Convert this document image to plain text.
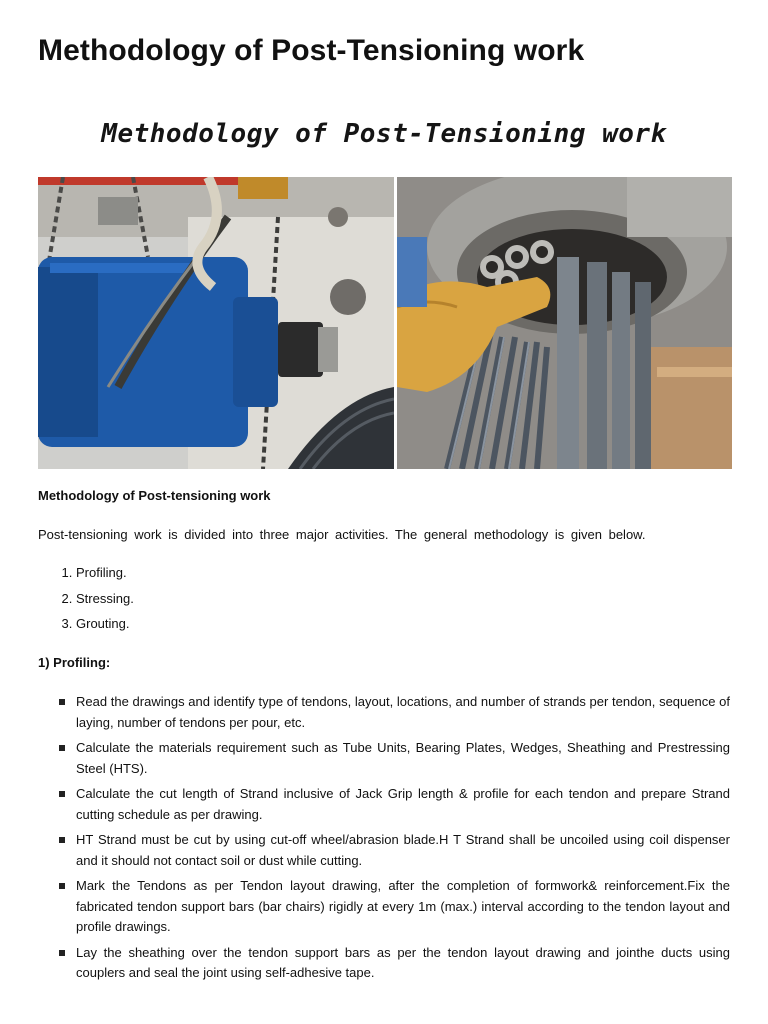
Methodology of Post-Tensioning work
Methodology of Post-Tensioning work
Methodology of Post-tensioning work
Post-tensioning work is divided into three major activities. The general methodology is given below.
1. Profiling.
2. Stressing.
3. Grouting.
1) Profiling:
Read the drawings and identify type of tendons, layout, locations, and number of strands per tendon, sequence of laying, number of tendons per pour, etc.
Calculate the materials requirement such as Tube Units, Bearing Plates, Wedges, Sheathing and Prestressing Steel (HTS).
Calculate the cut length of Strand inclusive of Jack Grip length & profile for each tendon and prepare Strand cutting schedule as per drawing.
HT Strand must be cut by using cut-off wheel/abrasion blade.H T Strand shall be uncoiled using coil dispenser and it should not contact soil or dust while cutting.
Mark the Tendons as per Tendon layout drawing, after the completion of formwork& reinforcement.Fix the fabricated tendon support bars (bar chairs) rigidly at every 1m (max.) interval according to the tendon layout and profile drawings.
Lay the sheathing over the tendon support bars as per the tendon layout drawing and jointhe ducts using couplers and seal the joint using self-adhesive tape.
